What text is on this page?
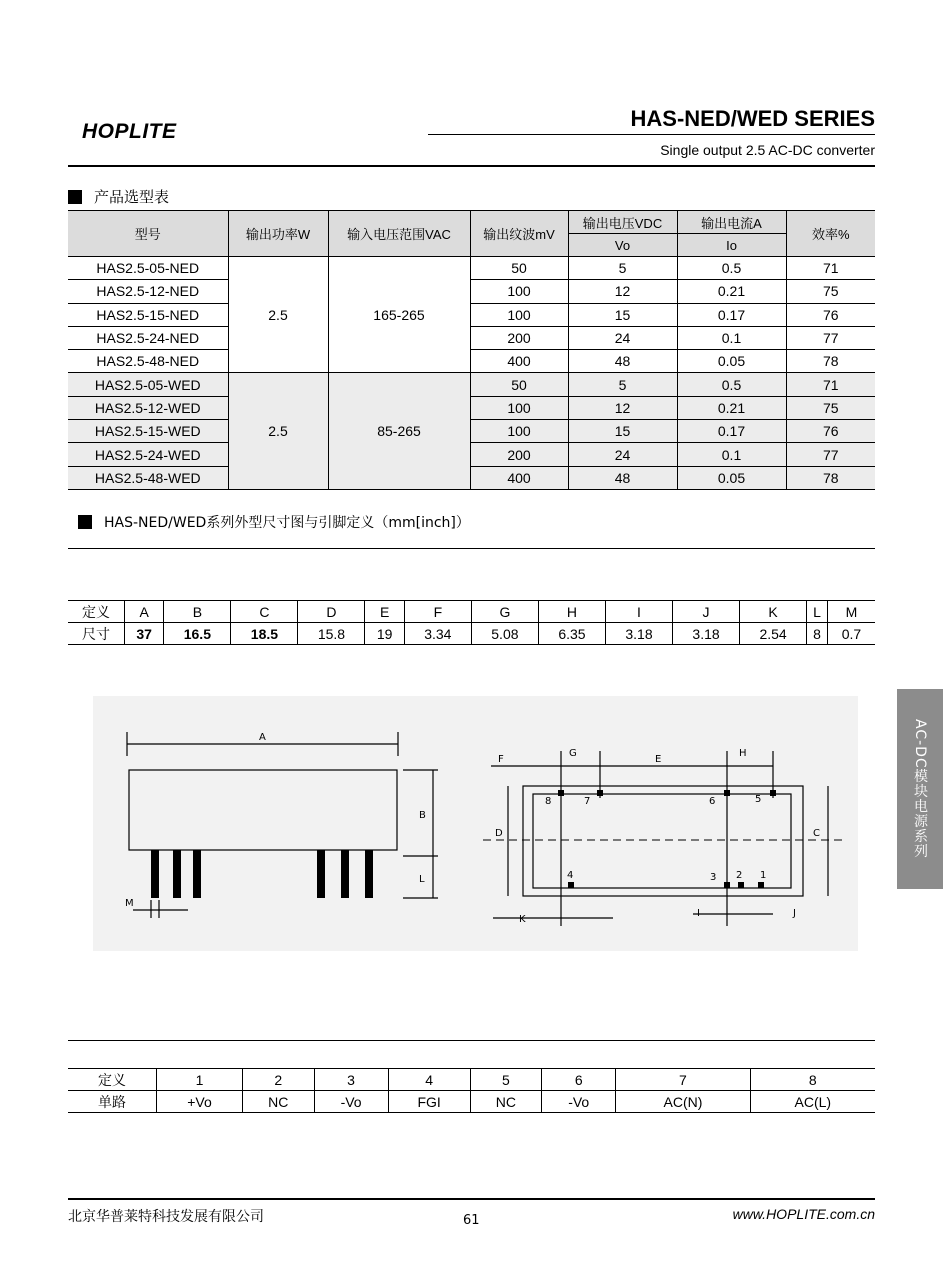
HOPLITE
HAS-NED/WED SERIES
Single output 2.5 AC-DC converter
产品选型表
型号	输出功率W	输入电压范围VAC	输出纹波mV	输出电压VDC	输出电流A	效率%
				Vo	Io	
HAS2.5-05-NED	2.5	165-265	50	5	0.5	71
HAS2.5-12-NED			100	12	0.21	75
HAS2.5-15-NED			100	15	0.17	76
HAS2.5-24-NED			200	24	0.1	77
HAS2.5-48-NED			400	48	0.05	78
HAS2.5-05-WED	2.5	85-265	50	5	0.5	71
HAS2.5-12-WED			100	12	0.21	75
HAS2.5-15-WED			100	15	0.17	76
HAS2.5-24-WED			200	24	0.1	77
HAS2.5-48-WED			400	48	0.05	78
HAS-NED/WED系列外型尺寸图与引脚定义（mm[inch]）
定义	A	B	C	D	E	F	G	H	I	J	K	L	M
尺寸	37	16.5	18.5	15.8	19	3.34	5.08	6.35	3.18	3.18	2.54	8	0.7
A
B
L
M
F
G
E
H
D	C
K
I	J
8	7	6	5
4	3 2 1
AC-DC模块电源系列
定义	1	2	3	4	5	6	7	8
单路	+Vo	NC	-Vo	FGI	NC	-Vo	AC(N)	AC(L)
北京华普莱特科技发展有限公司	61	www.HOPLITE.com.cn
